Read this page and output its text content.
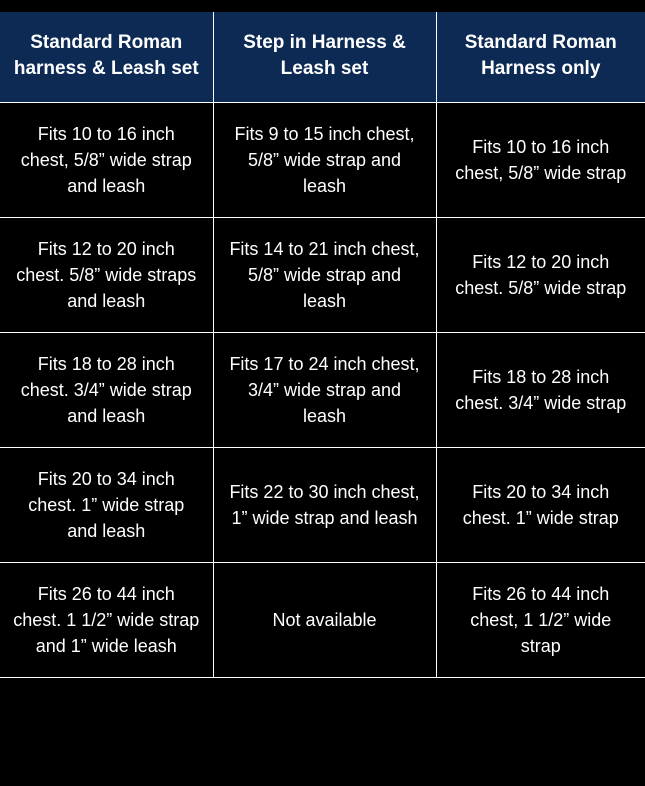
Standard Roman harness & Leash set	Step in Harness & Leash set	Standard Roman Harness only
Fits 10 to 16 inch chest, 5/8” wide strap and leash	Fits 9 to 15 inch chest, 5/8” wide strap and leash	Fits 10 to 16 inch chest, 5/8” wide strap
Fits 12 to 20 inch chest. 5/8” wide straps and leash	Fits 14 to 21 inch chest, 5/8” wide strap and leash	Fits 12 to 20 inch chest. 5/8” wide strap
Fits 18 to 28 inch chest. 3/4” wide strap and leash	Fits 17 to 24 inch chest, 3/4” wide strap and leash	Fits 18 to 28 inch chest. 3/4” wide strap
Fits 20 to 34 inch chest. 1” wide strap and leash	Fits 22 to 30 inch chest, 1” wide strap and leash	Fits 20 to 34 inch chest. 1” wide strap
Fits 26 to 44 inch chest. 1 1/2” wide strap and 1” wide leash	Not available	Fits 26 to 44 inch chest, 1 1/2” wide strap
